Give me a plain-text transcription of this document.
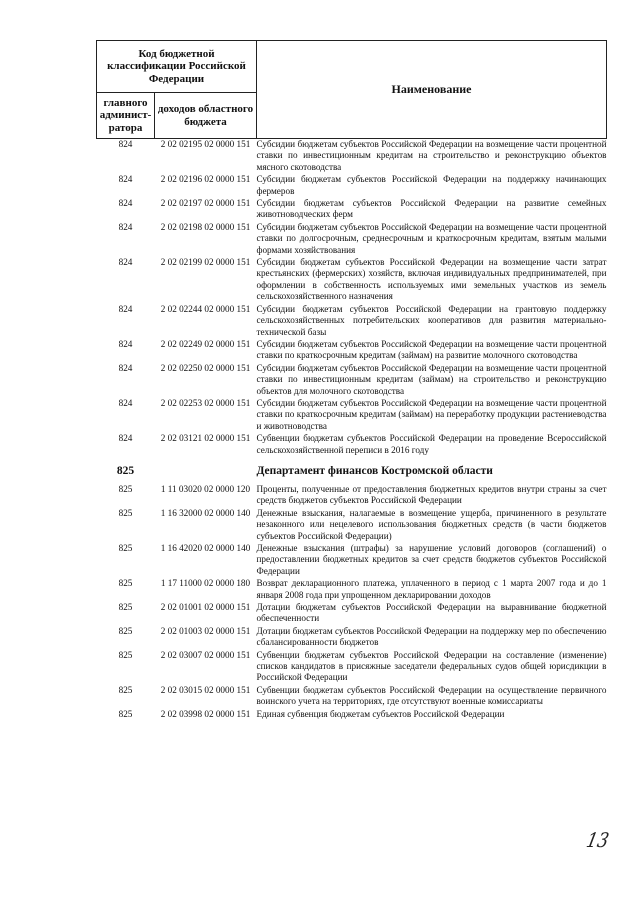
Код бюджетной классификации Российской Федерации		Наименование
главного админист-ратора	доходов областного бюджета	
824	2 02 02195 02 0000 151	Субсидии бюджетам субъектов Российской Федерации на возмещение части процентной ставки по инвестиционным кредитам на строительство и реконструкцию объектов мясного скотоводства
824	2 02 02196 02 0000 151	Субсидии бюджетам субъектов Российской Федерации на поддержку начинающих фермеров
824	2 02 02197 02 0000 151	Субсидии бюджетам субъектов Российской Федерации на развитие семейных животноводческих ферм
824	2 02 02198 02 0000 151	Субсидии бюджетам субъектов Российской Федерации на возмещение части процентной ставки по долгосрочным, среднесрочным и краткосрочным кредитам, взятым малыми формами хозяйствования
824	2 02 02199 02 0000 151	Субсидии бюджетам субъектов Российской Федерации на возмещение части затрат крестьянских (фермерских) хозяйств, включая индивидуальных предпринимателей, при оформлении в собственность используемых ими земельных участков из земель сельскохозяйственного назначения
824	2 02 02244 02 0000 151	Субсидии бюджетам субъектов Российской Федерации на грантовую поддержку сельскохозяйственных потребительских кооперативов для развития материально-технической базы
824	2 02 02249 02 0000 151	Субсидии бюджетам субъектов Российской Федерации на возмещение части процентной ставки по краткосрочным кредитам (займам) на развитие молочного скотоводства
824	2 02 02250 02 0000 151	Субсидии бюджетам субъектов Российской Федерации на возмещение части процентной ставки по инвестиционным кредитам (займам) на строительство и реконструкцию объектов для молочного скотоводства
824	2 02 02253 02 0000 151	Субсидии бюджетам субъектов Российской Федерации на возмещение части процентной ставки по краткосрочным кредитам (займам) на переработку продукции растениеводства и животноводства
824	2 02 03121 02 0000 151	Субвенции бюджетам субъектов Российской Федерации на проведение Всероссийской сельскохозяйственной переписи в 2016 году
825		Департамент финансов Костромской области
825	1 11 03020 02 0000 120	Проценты, полученные от предоставления бюджетных кредитов внутри страны за счет средств бюджетов субъектов Российской Федерации
825	1 16 32000 02 0000 140	Денежные взыскания, налагаемые в возмещение ущерба, причиненного в результате незаконного или нецелевого использования бюджетных средств (в части бюджетов субъектов Российской Федерации)
825	1 16 42020 02 0000 140	Денежные взыскания (штрафы) за нарушение условий договоров (соглашений) о предоставлении бюджетных кредитов за счет средств бюджетов субъектов Российской Федерации
825	1 17 11000 02 0000 180	Возврат декларационного платежа, уплаченного в период с 1 марта 2007 года и до 1 января 2008 года при упрощенном декларировании доходов
825	2 02 01001 02 0000 151	Дотации бюджетам субъектов Российской Федерации на выравнивание бюджетной обеспеченности
825	2 02 01003 02 0000 151	Дотации бюджетам субъектов Российской Федерации на поддержку мер по обеспечению сбалансированности бюджетов
825	2 02 03007 02 0000 151	Субвенции бюджетам субъектов Российской Федерации на составление (изменение) списков кандидатов в присяжные заседатели федеральных судов общей юрисдикции в Российской Федерации
825	2 02 03015 02 0000 151	Субвенции бюджетам субъектов Российской Федерации на осуществление первичного воинского учета на территориях, где отсутствуют военные комиссариаты
825	2 02 03998 02 0000 151	Единая субвенция бюджетам субъектов Российской Федерации
13
